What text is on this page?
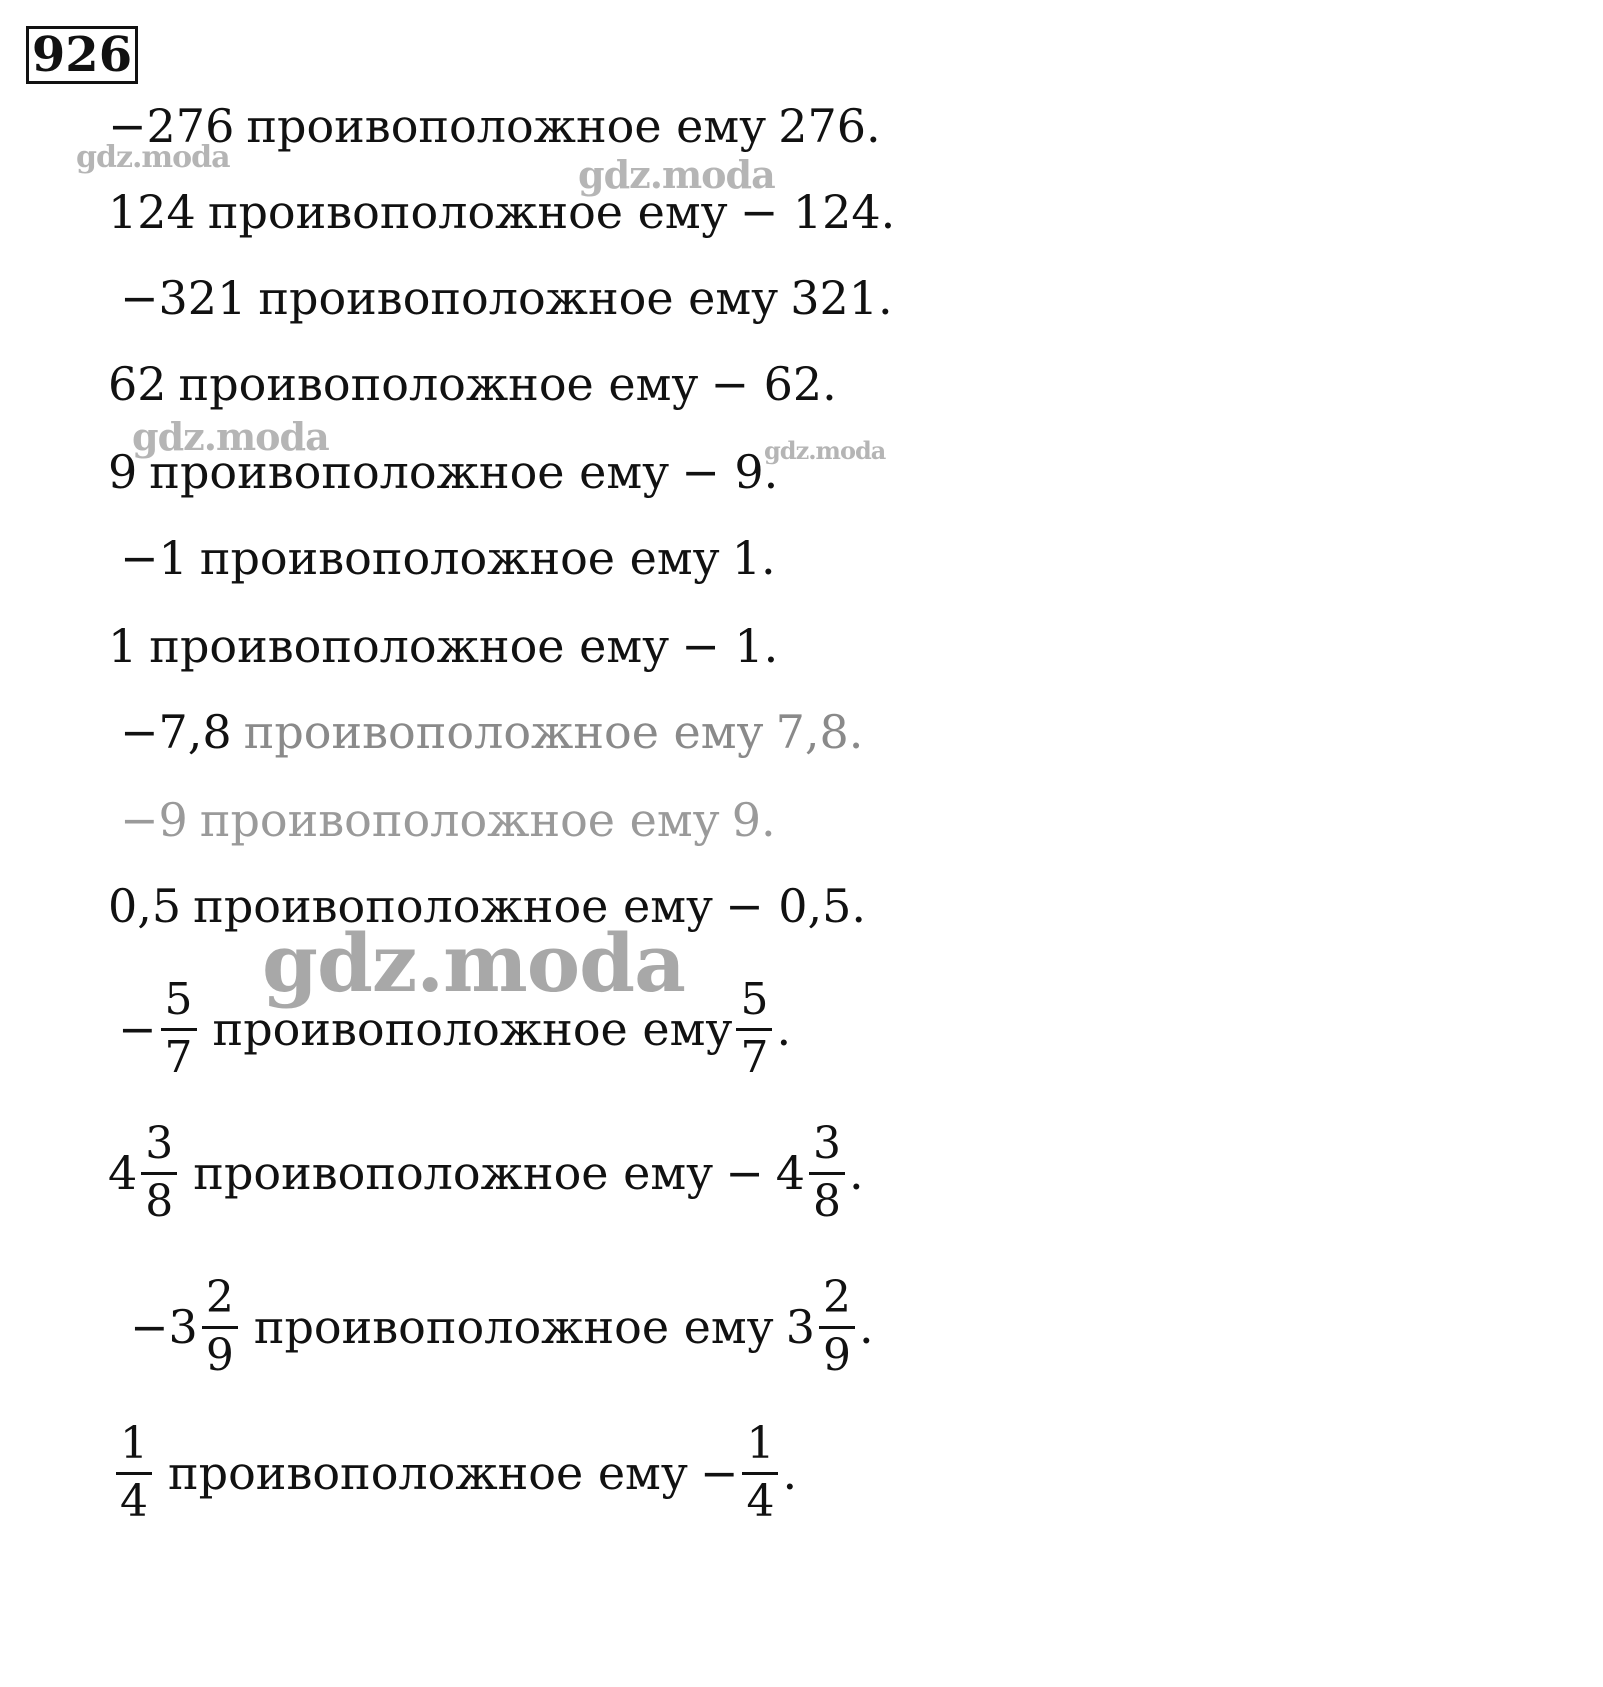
926
−276 проивоположное ему 276.
124 проивоположное ему − 124.
−321 проивоположное ему 321.
62 проивоположное ему − 62.
9 проивоположное ему − 9.
−1 проивоположное ему 1.
1 проивоположное ему − 1.
−7,8 проивоположное ему 7,8.
−9 проивоположное ему 9.
0,5 проивоположное ему − 0,5.
− $\frac{5}{7}$ проивоположное ему $\frac{5}{7}$ .
$4 \frac{3}{8}$ проивоположное ему − $4 \frac{3}{8}$ .
− $3 \frac{2}{9}$ проивоположное ему $3 \frac{2}{9}$ .
$\frac{1}{4}$ проивоположное ему − $\frac{1}{4}$ .
gdz.moda	gdz.moda
gdz.moda	gdz.moda
gdz.moda
